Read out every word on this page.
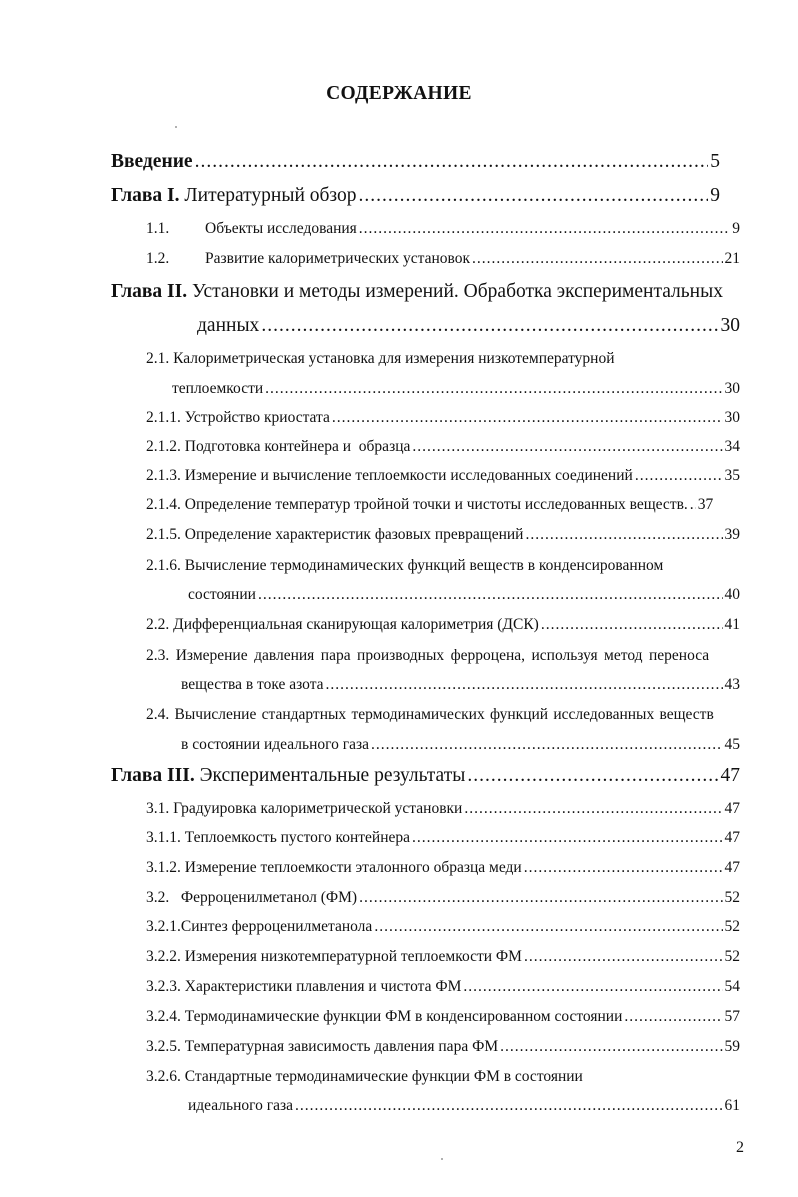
СОДЕРЖАНИЕ
Введение .....	5
Глава I. Литературный обзор .....	9
1.1. Объекты исследования .....	9
1.2. Развитие калориметрических установок .....	21
Глава II. Установки и методы измерений. Обработка экспериментальных
данных .....	30
2.1. Калориметрическая установка для измерения низкотемпературной
теплоемкости .....	30
2.1.1. Устройство криостата .....	30
2.1.2. Подготовка контейнера и  образца .....	34
2.1.3. Измерение и вычисление теплоемкости исследованных соединений .....	35
2.1.4. Определение температур тройной точки и чистоты исследованных веществ. ..... 37
2.1.5. Определение характеристик фазовых превращений .....	39
2.1.6. Вычисление термодинамических функций веществ в конденсированном
состоянии .....	40
2.2. Дифференциальная сканирующая калориметрия (ДСК) .....	41
2.3. Измерение давления пара производных ферроцена, используя метод переноса
вещества в токе азота .....	43
2.4. Вычисление стандартных термодинамических функций исследованных веществ
в состоянии идеального газа .....	45
Глава III. Экспериментальные результаты .....	47
3.1. Градуировка калориметрической установки .....	47
3.1.1. Теплоемкость пустого контейнера .....	47
3.1.2. Измерение теплоемкости эталонного образца меди .....	47
3.2.   Ферроценилметанол (ФМ) .....	52
3.2.1.Синтез ферроценилметанола .....	52
3.2.2. Измерения низкотемпературной теплоемкости ФМ .....	52
3.2.3. Характеристики плавления и чистота ФМ .....	54
3.2.4. Термодинамические функции ФМ в конденсированном состоянии .....	57
3.2.5. Температурная зависимость давления пара ФМ .....	59
3.2.6. Стандартные термодинамические функции ФМ в состоянии
идеального газа .....	61
2
